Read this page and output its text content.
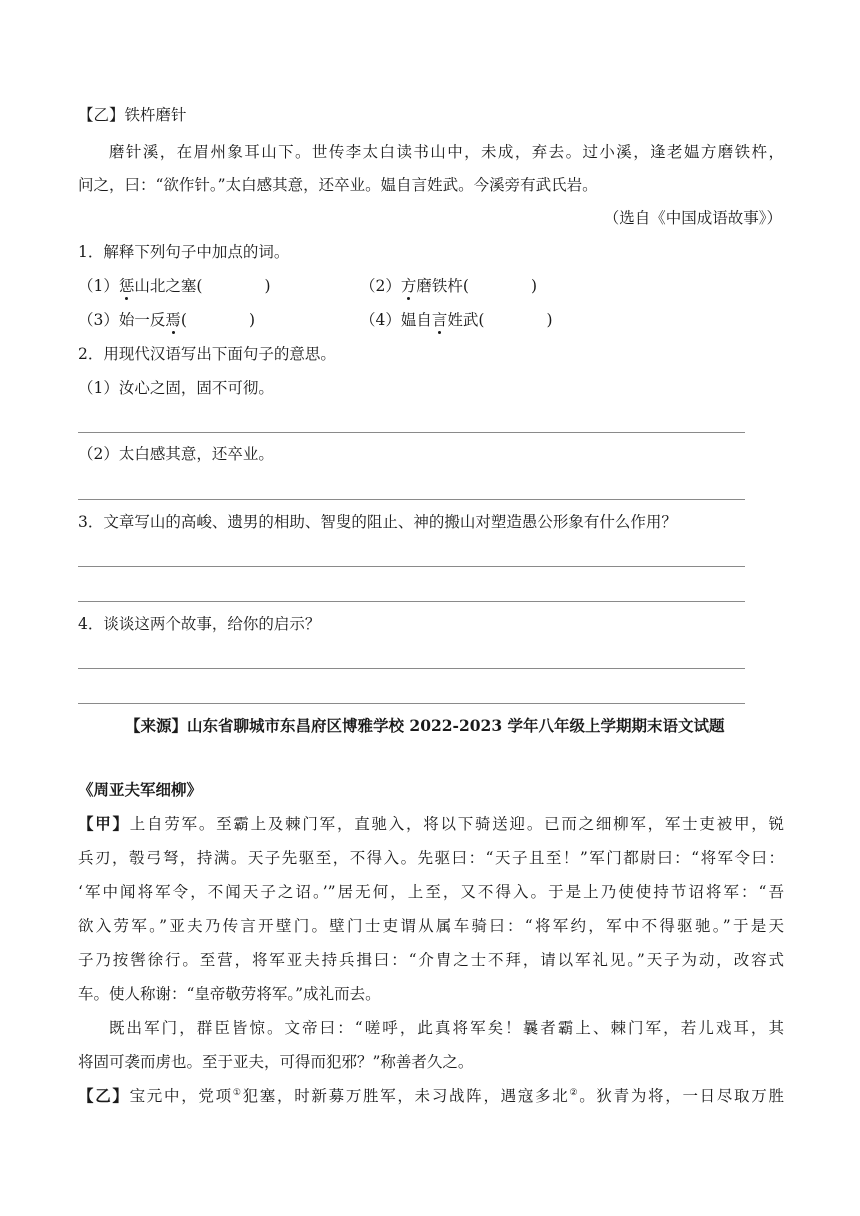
【乙】铁杵磨针
磨针溪，在眉州象耳山下。世传李太白读书山中，未成，弃去。过小溪，逢老媪方磨铁杵，
问之，曰：“欲作针。”太白感其意，还卒业。媪自言姓武。今溪旁有武氏岩。
（选自《中国成语故事》）
1．解释下列句子中加点的词。
（1）惩山北之塞(	)	（2）方磨铁杵(	)
（3）始一反焉(	)	（4）媪自言姓武(	)
2．用现代汉语写出下面句子的意思。
（1）汝心之固，固不可彻。
（2）太白感其意，还卒业。
3．文章写山的高峻、遗男的相助、智叟的阻止、神的搬山对塑造愚公形象有什么作用？
4．谈谈这两个故事，给你的启示？
【来源】山东省聊城市东昌府区博雅学校 2022-2023 学年八年级上学期期末语文试题
《周亚夫军细柳》
【甲】上自劳军。至霸上及棘门军，直驰入，将以下骑送迎。已而之细柳军，军士吏被甲，锐
兵刃，彀弓弩，持满。天子先驱至，不得入。先驱曰：“天子且至！”军门都尉曰：“将军令曰：
‘军中闻将军令，不闻天子之诏。’”居无何，上至，又不得入。于是上乃使使持节诏将军：“吾
欲入劳军。”亚夫乃传言开壁门。壁门士吏谓从属车骑曰：“将军约，军中不得驱驰。”于是天
子乃按辔徐行。至营，将军亚夫持兵揖曰：“介胄之士不拜，请以军礼见。”天子为动，改容式
车。使人称谢：“皇帝敬劳将军。”成礼而去。
既出军门，群臣皆惊。文帝曰：“嗟呼，此真将军矣！曩者霸上、棘门军，若儿戏耳，其
将固可袭而虏也。至于亚夫，可得而犯邪？”称善者久之。
【乙】宝元中，党项①犯塞，时新募万胜军，未习战阵，遇寇多北②。狄青为将，一日尽取万胜
